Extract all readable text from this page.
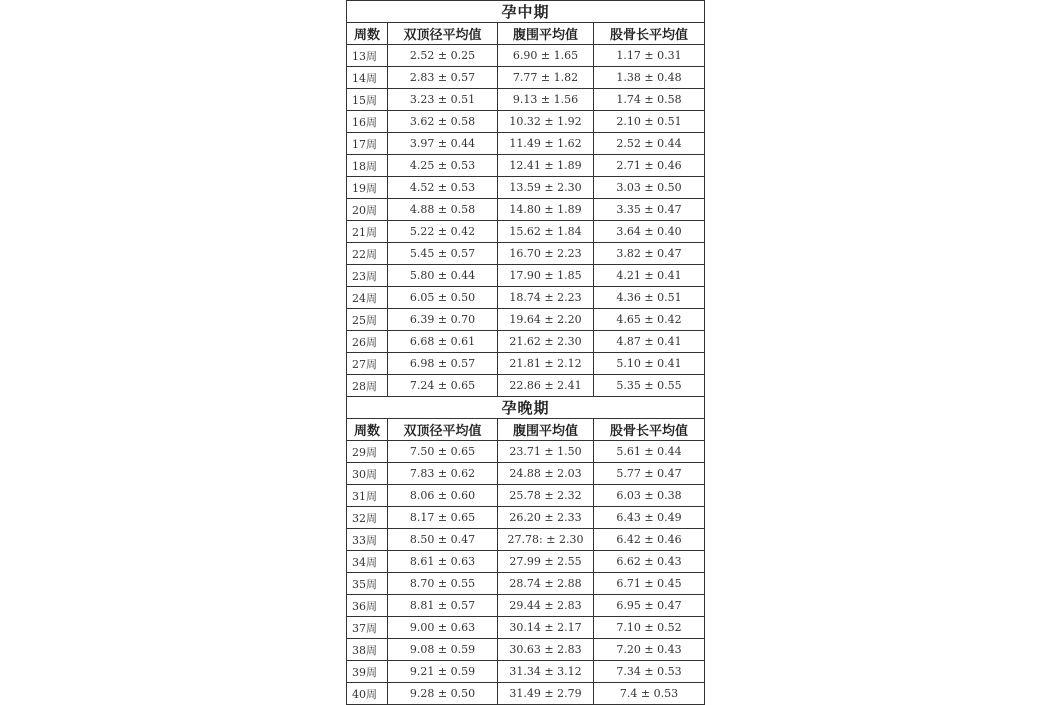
孕中期			
周数	双顶径平均值	腹围平均值	股骨长平均值
13周	2.52 ± 0.25	6.90 ± 1.65	1.17 ± 0.31
14周	2.83 ± 0.57	7.77 ± 1.82	1.38 ± 0.48
15周	3.23 ± 0.51	9.13 ± 1.56	1.74 ± 0.58
16周	3.62 ± 0.58	10.32 ± 1.92	2.10 ± 0.51
17周	3.97 ± 0.44	11.49 ± 1.62	2.52 ± 0.44
18周	4.25 ± 0.53	12.41 ± 1.89	2.71 ± 0.46
19周	4.52 ± 0.53	13.59 ± 2.30	3.03 ± 0.50
20周	4.88 ± 0.58	14.80 ± 1.89	3.35 ± 0.47
21周	5.22 ± 0.42	15.62 ± 1.84	3.64 ± 0.40
22周	5.45 ± 0.57	16.70 ± 2.23	3.82 ± 0.47
23周	5.80 ± 0.44	17.90 ± 1.85	4.21 ± 0.41
24周	6.05 ± 0.50	18.74 ± 2.23	4.36 ± 0.51
25周	6.39 ± 0.70	19.64 ± 2.20	4.65 ± 0.42
26周	6.68 ± 0.61	21.62 ± 2.30	4.87 ± 0.41
27周	6.98 ± 0.57	21.81 ± 2.12	5.10 ± 0.41
28周	7.24 ± 0.65	22.86 ± 2.41	5.35 ± 0.55
孕晚期			
周数	双顶径平均值	腹围平均值	股骨长平均值
29周	7.50 ± 0.65	23.71 ± 1.50	5.61 ± 0.44
30周	7.83 ± 0.62	24.88 ± 2.03	5.77 ± 0.47
31周	8.06 ± 0.60	25.78 ± 2.32	6.03 ± 0.38
32周	8.17 ± 0.65	26.20 ± 2.33	6.43 ± 0.49
33周	8.50 ± 0.47	27.78: ± 2.30	6.42 ± 0.46
34周	8.61 ± 0.63	27.99 ± 2.55	6.62 ± 0.43
35周	8.70 ± 0.55	28.74 ± 2.88	6.71 ± 0.45
36周	8.81 ± 0.57	29.44 ± 2.83	6.95 ± 0.47
37周	9.00 ± 0.63	30.14 ± 2.17	7.10 ± 0.52
38周	9.08 ± 0.59	30.63 ± 2.83	7.20 ± 0.43
39周	9.21 ± 0.59	31.34 ± 3.12	7.34 ± 0.53
40周	9.28 ± 0.50	31.49 ± 2.79	7.4 ± 0.53
